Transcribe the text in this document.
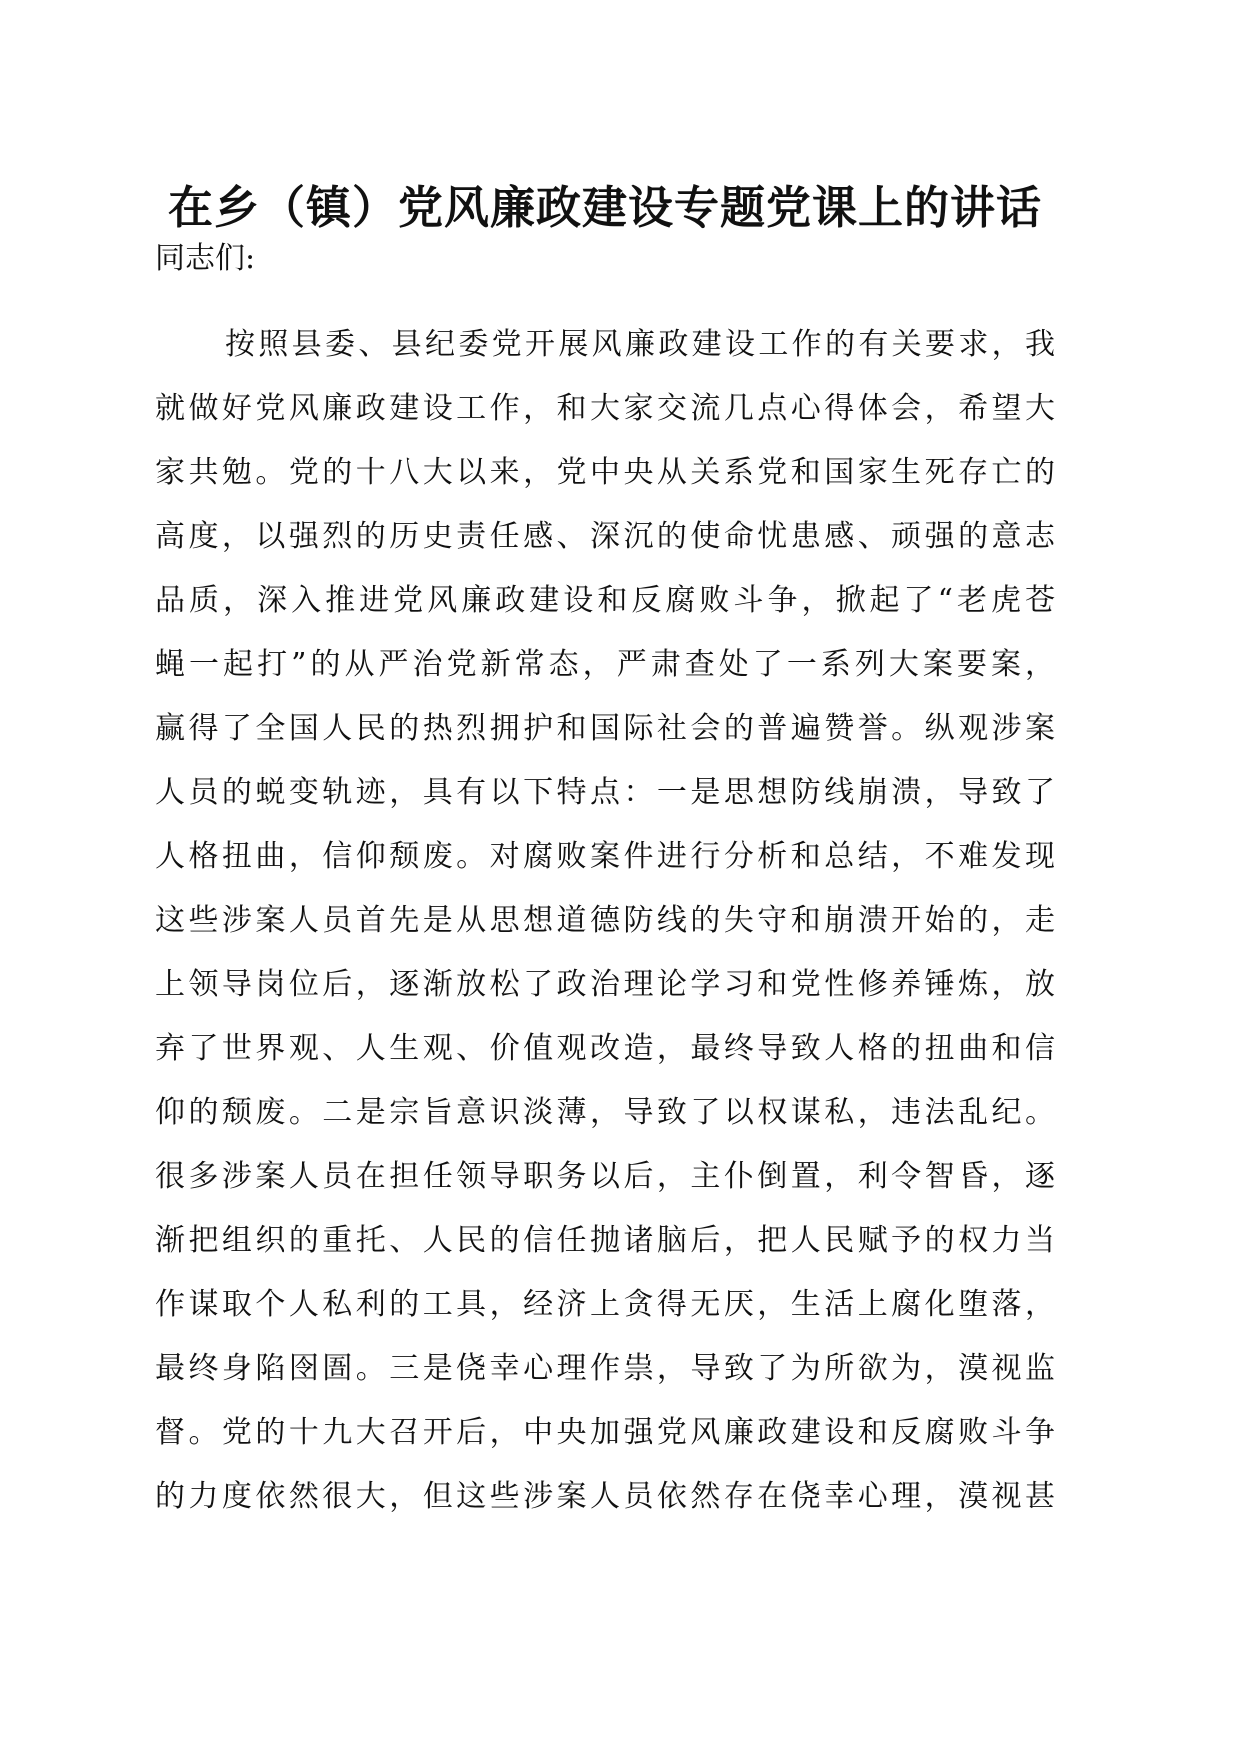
在乡（镇）党风廉政建设专题党课上的讲话
同志们:
按照县委、县纪委党开展风廉政建设工作的有关要求，我
就做好党风廉政建设工作，和大家交流几点心得体会，希望大
家共勉。党的十八大以来，党中央从关系党和国家生死存亡的
高度，以强烈的历史责任感、深沉的使命忧患感、顽强的意志
品质，深入推进党风廉政建设和反腐败斗争，掀起了“老虎苍
蝇一起打”的从严治党新常态，严肃查处了一系列大案要案，
赢得了全国人民的热烈拥护和国际社会的普遍赞誉。纵观涉案
人员的蜕变轨迹，具有以下特点：一是思想防线崩溃，导致了
人格扭曲，信仰颓废。对腐败案件进行分析和总结，不难发现
这些涉案人员首先是从思想道德防线的失守和崩溃开始的，走
上领导岗位后，逐渐放松了政治理论学习和党性修养锤炼，放
弃了世界观、人生观、价值观改造，最终导致人格的扭曲和信
仰的颓废。二是宗旨意识淡薄，导致了以权谋私，违法乱纪。
很多涉案人员在担任领导职务以后，主仆倒置，利令智昏，逐
渐把组织的重托、人民的信任抛诸脑后，把人民赋予的权力当
作谋取个人私利的工具，经济上贪得无厌，生活上腐化堕落，
最终身陷囹圄。三是侥幸心理作祟，导致了为所欲为，漠视监
督。党的十九大召开后，中央加强党风廉政建设和反腐败斗争
的力度依然很大，但这些涉案人员依然存在侥幸心理，漠视甚
